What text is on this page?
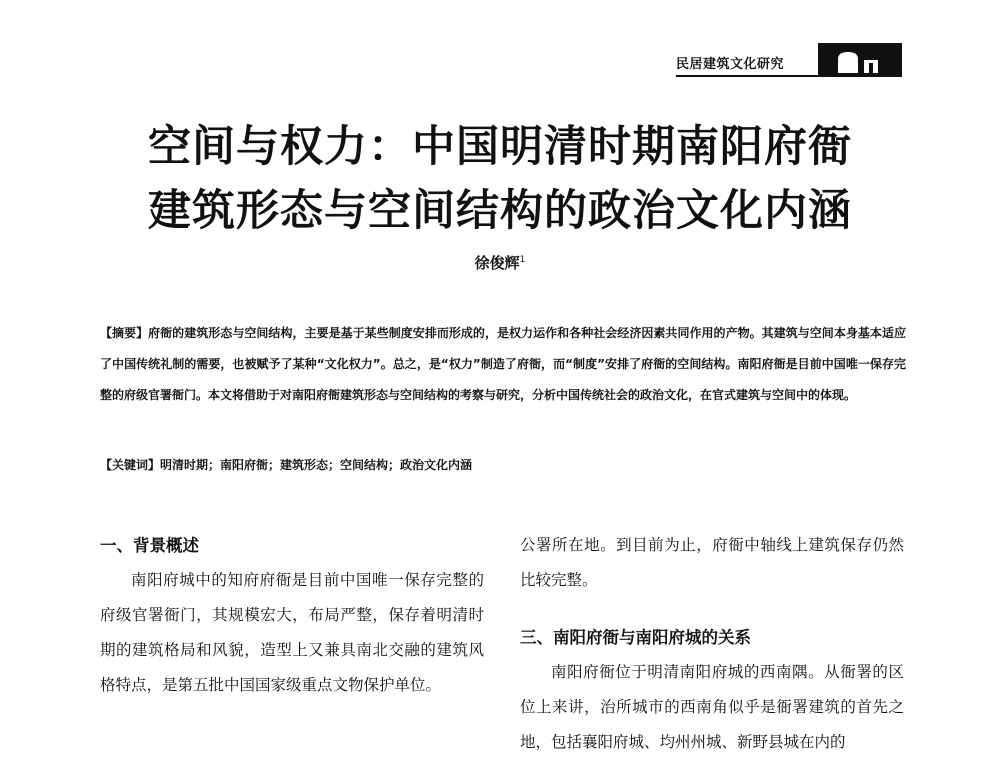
民居建筑文化研究
空间与权力：中国明清时期南阳府衙
建筑形态与空间结构的政治文化内涵
徐俊辉$^1$
【摘要】府衙的建筑形态与空间结构，主要是基于某些制度安排而形成的，是权力运作和各种社会经济因素共同作用的产物。其建筑与空间本身基本适应了中国传统礼制的需要，也被赋予了某种“文化权力”。总之，是“权力”制造了府衙，而“制度”安排了府衙的空间结构。南阳府衙是目前中国唯一保存完整的府级官署衙门。本文将借助于对南阳府衙建筑形态与空间结构的考察与研究，分析中国传统社会的政治文化，在官式建筑与空间中的体现。
【关键词】明清时期；南阳府衙；建筑形态；空间结构；政治文化内涵
一、背景概述

南阳府城中的知府府衙是目前中国唯一保存完整的府级官署衙门，其规模宏大，布局严整，保存着明清时期的建筑格局和风貌，造型上又兼具南北交融的建筑风格特点，是第五批中国国家级重点文物保护单位。

公署所在地。到目前为止，府衙中轴线上建筑保存仍然比较完整。

三、南阳府衙与南阳府城的关系

南阳府衙位于明清南阳府城的西南隅。从衙署的区位上来讲，治所城市的西南角似乎是衙署建筑的首先之地，包括襄阳府城、均州州城、新野县城在内的
